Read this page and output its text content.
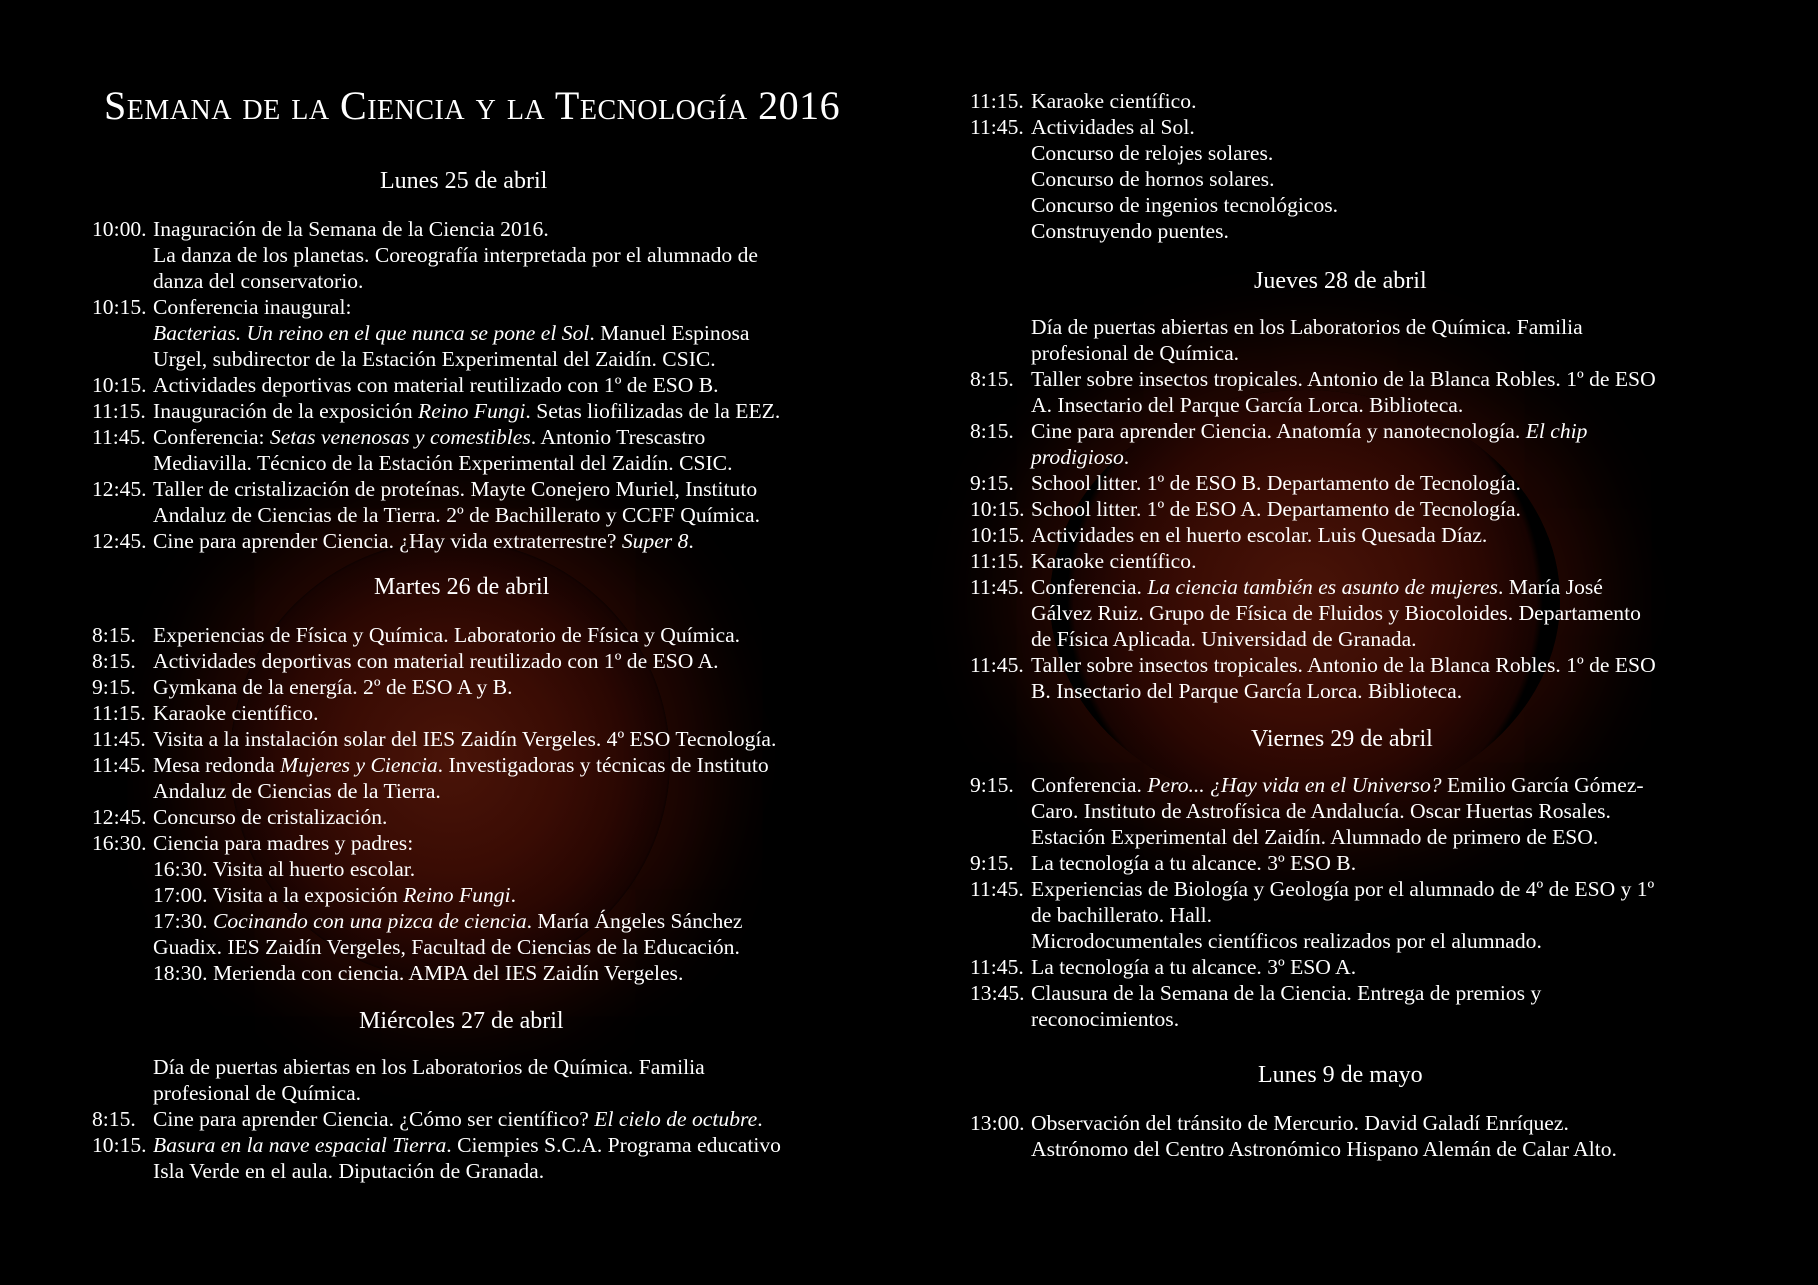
Semana de la Ciencia y la Tecnología 2016
Lunes 25 de abril
10:00. Inaguración de la Semana de la Ciencia 2016.
La danza de los planetas. Coreografía interpretada por el alumnado de
danza del conservatorio.
10:15. Conferencia inaugural:
Bacterias. Un reino en el que nunca se pone el Sol. Manuel Espinosa
Urgel, subdirector de la Estación Experimental del Zaidín. CSIC.
10:15. Actividades deportivas con material reutilizado con 1º de ESO B.
11:15. Inauguración de la exposición Reino Fungi. Setas liofilizadas de la EEZ.
11:45. Conferencia: Setas venenosas y comestibles. Antonio Trescastro
Mediavilla. Técnico de la Estación Experimental del Zaidín. CSIC.
12:45. Taller de cristalización de proteínas. Mayte Conejero Muriel, Instituto
Andaluz de Ciencias de la Tierra. 2º de Bachillerato y CCFF Química.
12:45. Cine para aprender Ciencia. ¿Hay vida extraterrestre? Super 8.
Martes 26 de abril
8:15. Experiencias de Física y Química. Laboratorio de Física y Química.
8:15. Actividades deportivas con material reutilizado con 1º de ESO A.
9:15. Gymkana de la energía. 2º de ESO A y B.
11:15. Karaoke científico.
11:45. Visita a la instalación solar del IES Zaidín Vergeles. 4º ESO Tecnología.
11:45. Mesa redonda Mujeres y Ciencia. Investigadoras y técnicas de Instituto
Andaluz de Ciencias de la Tierra.
12:45. Concurso de cristalización.
16:30. Ciencia para madres y padres:
16:30. Visita al huerto escolar.
17:00. Visita a la exposición Reino Fungi.
17:30. Cocinando con una pizca de ciencia. María Ángeles Sánchez
Guadix. IES Zaidín Vergeles, Facultad de Ciencias de la Educación.
18:30. Merienda con ciencia. AMPA del IES Zaidín Vergeles.
Miércoles 27 de abril
Día de puertas abiertas en los Laboratorios de Química. Familia
profesional de Química.
8:15. Cine para aprender Ciencia. ¿Cómo ser científico? El cielo de octubre.
10:15. Basura en la nave espacial Tierra. Ciempies S.C.A. Programa educativo
Isla Verde en el aula. Diputación de Granada.
11:15. Karaoke científico.
11:45. Actividades al Sol.
Concurso de relojes solares.
Concurso de hornos solares.
Concurso de ingenios tecnológicos.
Construyendo puentes.
Jueves 28 de abril
Día de puertas abiertas en los Laboratorios de Química. Familia
profesional de Química.
8:15. Taller sobre insectos tropicales. Antonio de la Blanca Robles. 1º de ESO
A. Insectario del Parque García Lorca. Biblioteca.
8:15. Cine para aprender Ciencia. Anatomía y nanotecnología. El chip
prodigioso.
9:15. School litter. 1º de ESO B. Departamento de Tecnología.
10:15. School litter. 1º de ESO A. Departamento de Tecnología.
10:15. Actividades en el huerto escolar. Luis Quesada Díaz.
11:15. Karaoke científico.
11:45. Conferencia. La ciencia también es asunto de mujeres. María José
Gálvez Ruiz. Grupo de Física de Fluidos y Biocoloides. Departamento
de Física Aplicada. Universidad de Granada.
11:45. Taller sobre insectos tropicales. Antonio de la Blanca Robles. 1º de ESO
B. Insectario del Parque García Lorca. Biblioteca.
Viernes 29 de abril
9:15. Conferencia. Pero... ¿Hay vida en el Universo? Emilio García Gómez-
Caro. Instituto de Astrofísica de Andalucía. Oscar Huertas Rosales.
Estación Experimental del Zaidín. Alumnado de primero de ESO.
9:15. La tecnología a tu alcance. 3º ESO B.
11:45. Experiencias de Biología y Geología por el alumnado de 4º de ESO y 1º
de bachillerato. Hall.
Microdocumentales científicos realizados por el alumnado.
11:45. La tecnología a tu alcance. 3º ESO A.
13:45. Clausura de la Semana de la Ciencia. Entrega de premios y
reconocimientos.
Lunes 9 de mayo
13:00. Observación del tránsito de Mercurio. David Galadí Enríquez.
Astrónomo del Centro Astronómico Hispano Alemán de Calar Alto.
